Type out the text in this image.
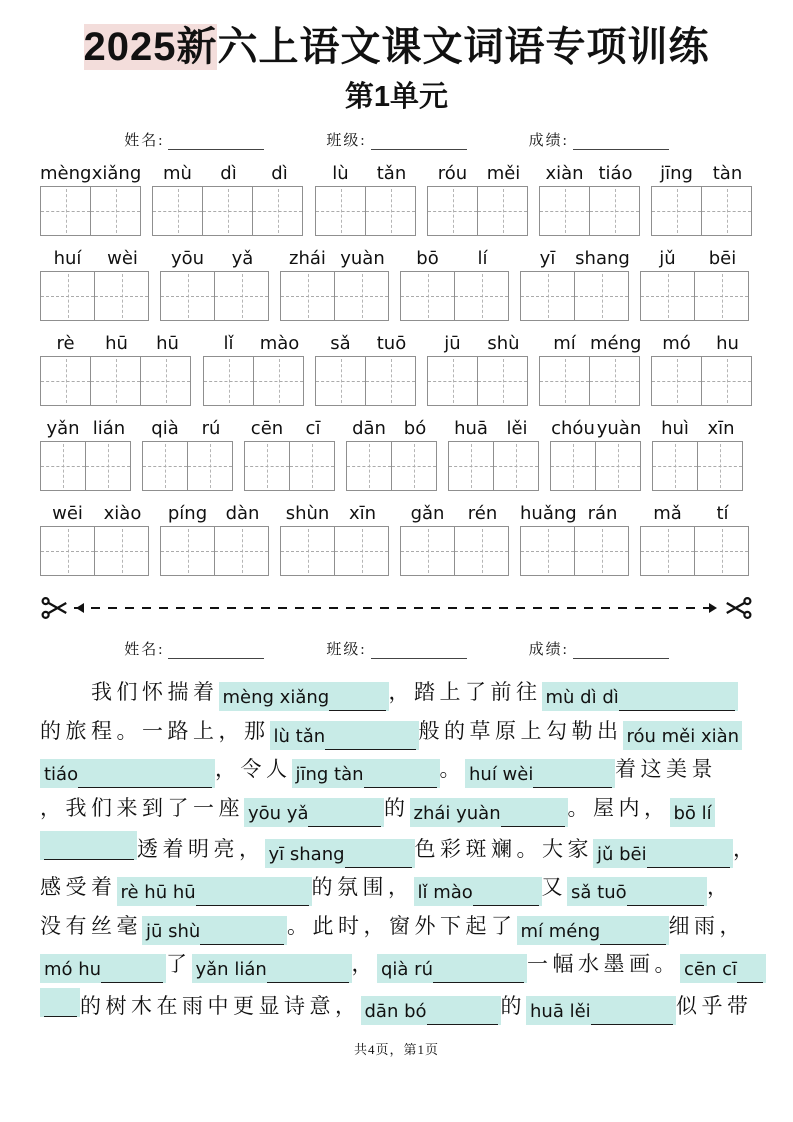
2025新六上语文课文词语专项训练
第1单元
姓名:	班级:	成绩:
mèng xiǎng	mù	dì	dì	lù	tǎn	róu	měi	xiàn tiáo	jīng	tàn
huí	wèi	yōu	yǎ	zhái yuàn	bō	lí	yī	shang	jǔ	bēi
rè	hū	hū	lǐ	mào	sǎ	tuō	jū	shù	mí méng	mó	hu
yǎn lián	qià	rú	cēn	cī	dān bó	huā	lěi	chóu yuàn	huì	xīn
wēi	xiào	píng	dàn	shùn	xīn	gǎn	rén	huǎng rán	mǎ	tí
姓名:	班级:	成绩:
　　我们怀揣着 mèng xiǎng	，踏上了前往 mù dì dì
的旅程。一路上，那 lù tǎn	般的草原上勾勒出 róu měi xiàn
tiáo	，令人 jīng tàn	。 huí wèi	着这美景
，我们来到了一座 yōu yǎ	的 zhái yuàn	。屋内， bō lí
透着明亮， yī shang	色彩斑斓。大家 jǔ bēi	，
感受着 rè hū hū	的氛围， lǐ mào	又 sǎ tuō	，
没有丝毫 jū shù	。此时，窗外下起了 mí méng	细雨，
mó hu	了 yǎn lián	， qià rú	一幅水墨画。 cēn cī
的树木在雨中更显诗意， dān bó	的 huā lěi	似乎带
共4页，第1页
